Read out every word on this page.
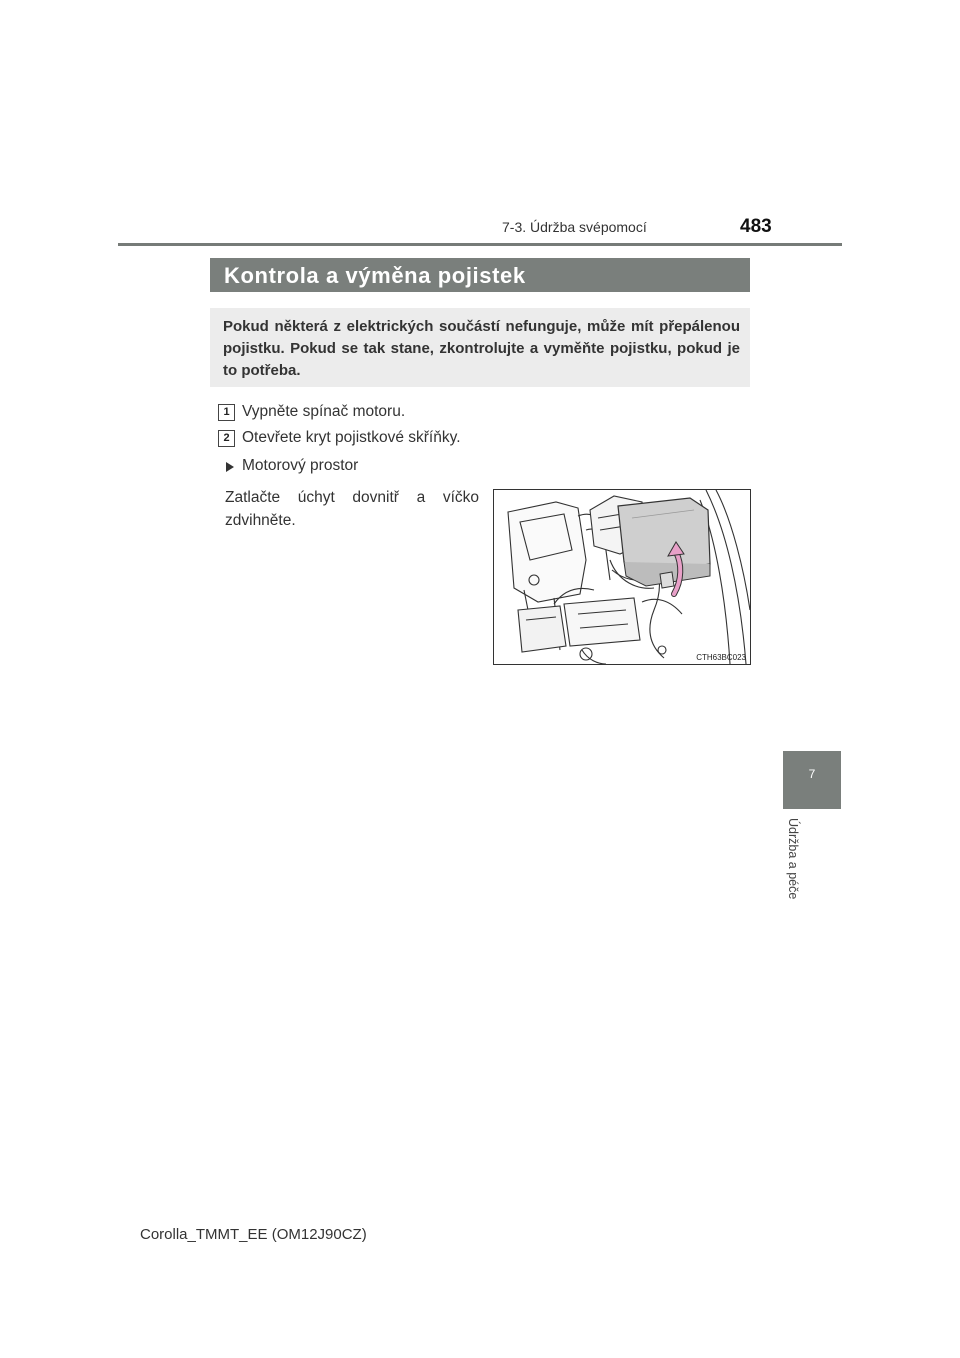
7-3. Údržba svépomocí	483
Kontrola a výměna pojistek
Pokud některá z elektrických součástí nefunguje, může mít přepálenou pojistku. Pokud se tak stane, zkontrolujte a vyměňte pojistku, pokud je to potřeba.
1 Vypněte spínač motoru.
2 Otevřete kryt pojistkové skříňky.
Motorový prostor
Zatlačte úchyt dovnitř a víčko zdvihněte.
CTH63BC023
7
Údržba a péče
Corolla_TMMT_EE (OM12J90CZ)
